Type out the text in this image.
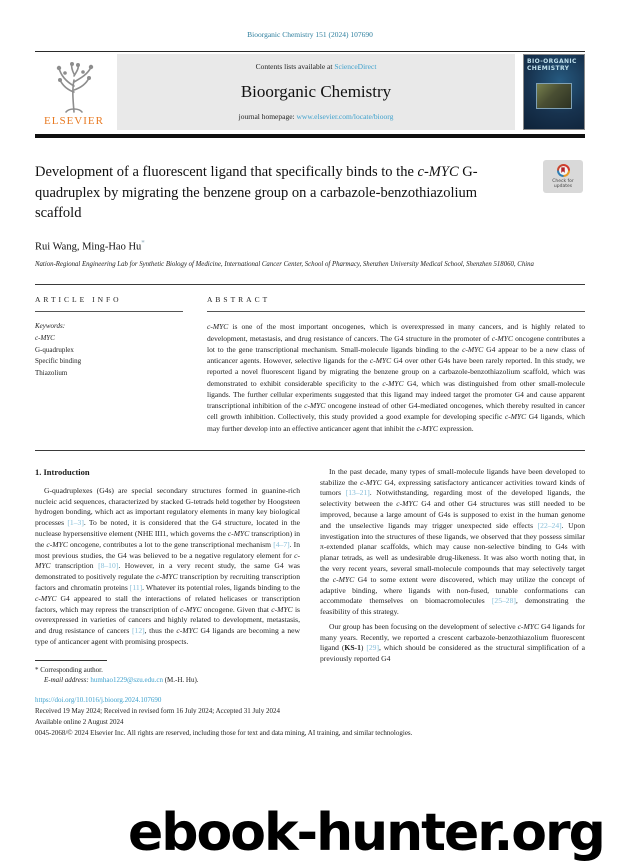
Bioorganic Chemistry 151 (2024) 107690
ELSEVIER
Contents lists available at ScienceDirect
Bioorganic Chemistry
journal homepage: www.elsevier.com/locate/bioorg
BIO-ORGANIC CHEMISTRY
Development of a fluorescent ligand that specifically binds to the c-MYC G-quadruplex by migrating the benzene group on a carbazole-benzothiazolium scaffold
Check for updates
Rui Wang, Ming-Hao Hu*
Nation-Regional Engineering Lab for Synthetic Biology of Medicine, International Cancer Center, School of Pharmacy, Shenzhen University Medical School, Shenzhen 518060, China
ARTICLE INFO
Keywords:
c-MYC
G-quadruplex
Specific binding
Thiazolium
ABSTRACT

c-MYC is one of the most important oncogenes, which is overexpressed in many cancers, and is highly related to development, metastasis, and drug resistance of cancers. The G4 structure in the promoter of c-MYC oncogene contributes a lot to the gene transcriptional mechanism. Small-molecule ligands binding to the c-MYC G4 appear to be a new class of anticancer agents. However, selective ligands for the c-MYC G4 over other G4s have been rarely reported. In this study, we reported a novel fluorescent ligand by migrating the benzene group on a carbazole-benzothiazolium scaffold, which was demonstrated to exhibit considerable specificity to the c-MYC G4, which was distinguished from other small-molecule ligands. The further cellular experiments suggested that this ligand may indeed target the promoter G4 and cause apparent transcriptional inhibition of the c-MYC oncogene instead of other G4-mediated oncogenes, which thereby resulted in cancer cell growth inhibition. Collectively, this study provided a good example for developing specific c-MYC G4 ligands, which may further develop into an effective anticancer agent that inhibit the c-MYC expression.

1. Introduction

G-quadruplexes (G4s) are special secondary structures formed in guanine-rich nucleic acid sequences, characterized by stacked G-tetrads held together by Hoogsteen hydrogen bonding, which act as important regulatory elements in many key biological processes [1–3]. To be noted, it is considered that the G4 structure, located in the nuclease hypersensitive element (NHE III1, which governs the c-MYC transcription) in the c-MYC oncogene, contributes a lot to the gene transcriptional mechanism [4–7]. In most previous studies, the G4 was believed to be a negative regulatory element for c-MYC transcription [8–10]. However, in a very recent study, the same G4 was demonstrated to positively regulate the c-MYC transcription by recruiting transcription factors and chromatin proteins [11]. Whatever its potential roles, ligands binding to the c-MYC G4 appeared to stall the interactions of related helicases or transcription factors, which may repress the transcription of c-MYC oncogene. Given that c-MYC is overexpressed in varieties of cancers and highly related to development, metastasis, and drug resistance of cancers [12], thus the c-MYC G4 ligands are becoming a new type of anticancer agent with promising prospects.

* Corresponding author.
E-mail address: humhao1229@szu.edu.cn (M.-H. Hu).

In the past decade, many types of small-molecule ligands have been developed to stabilize the c-MYC G4, expressing satisfactory anticancer activities toward kinds of tumors [13–21]. Notwithstanding, regarding most of the developed ligands, the selectivity between the c-MYC G4 and other G4 structures was still needed to be improved, because a large amount of G4s is supposed to exist in the human genome and the unselective ligands may trigger unexpected side effects [22–24]. Upon investigation into the structures of these ligands, we observed that they possess similar π-extended planar scaffolds, which may cause non-selective binding to G4s with planar tetrads, as well as undesirable drug-likeness. It was also worth noting that, in the very recent years, several small-molecule compounds that may selectively target the c-MYC G4 to some extent were discovered, which may utilize the concept of adaptive binding, where ligands with non-fused, tunable conformations can accommodate themselves on biomacromolecules [25–28], demonstrating the feasibility of this strategy.

Our group has been focusing on the development of selective c-MYC G4 ligands for many years. Recently, we reported a crescent carbazole-benzothiazolium fluorescent ligand (KS-1) [29], which should be considered as the structural simplification of a previously reported G4

https://doi.org/10.1016/j.bioorg.2024.107690
Received 19 May 2024; Received in revised form 16 July 2024; Accepted 31 July 2024
Available online 2 August 2024
0045-2068/© 2024 Elsevier Inc. All rights are reserved, including those for text and data mining, AI training, and similar technologies.
ebook-hunter.org
